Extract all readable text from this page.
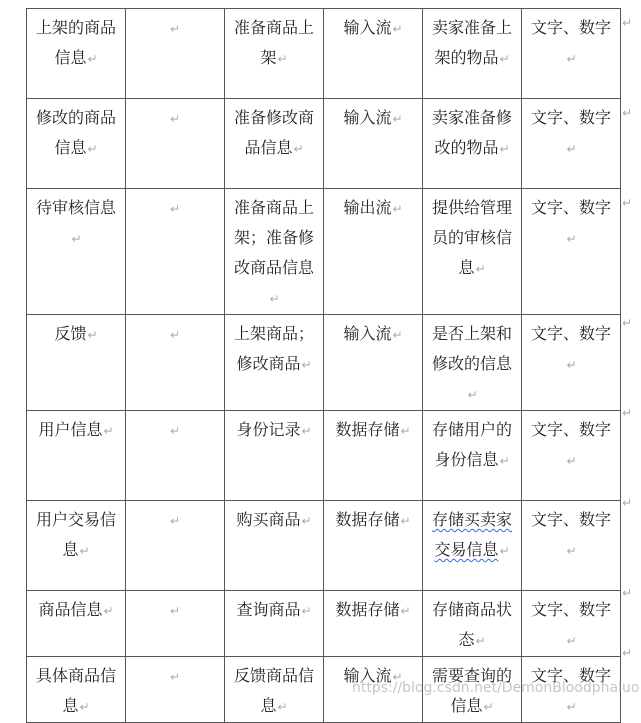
上架的商品信息↵	↵	准备商品上架↵	输入流↵	卖家准备上架的物品↵	文字、数字↵
修改的商品信息↵	↵	准备修改商品信息↵	输入流↵	卖家准备修改的物品↵	文字、数字↵
待审核信息↵	↵	准备商品上架；准备修改商品信息↵	输出流↵	提供给管理员的审核信息↵	文字、数字↵
反馈↵	↵	上架商品；修改商品↵	输入流↵	是否上架和修改的信息↵	文字、数字↵
用户信息↵	↵	身份记录↵	数据存储↵	存储用户的身份信息↵	文字、数字↵
用户交易信息↵	↵	购买商品↵	数据存储↵	存储买卖家交易信息↵	文字、数字↵
商品信息↵	↵	查询商品↵	数据存储↵	存储商品状态↵	文字、数字↵
具体商品信息↵	↵	反馈商品信息↵	输入流↵	需要查询的信息↵	文字、数字↵
https://blog.csdn.net/DemonBloodphaluo
↵
↵
↵
↵
↵
↵
↵
↵
